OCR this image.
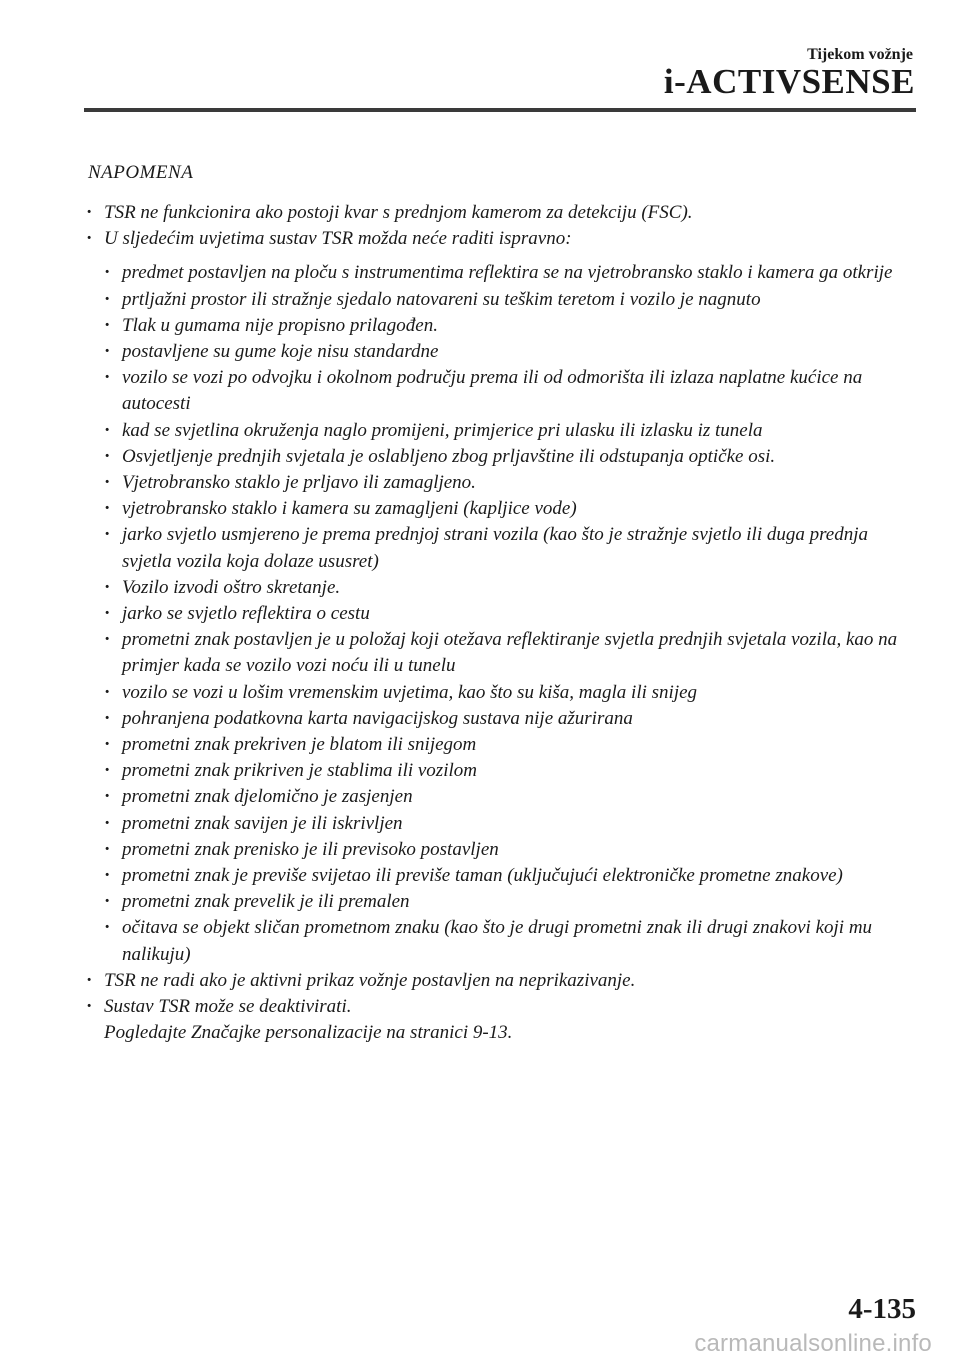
Tijekom vožnje
i-ACTIVSENSE
NAPOMENA
· TSR ne funkcionira ako postoji kvar s prednjom kamerom za detekciju (FSC).
· U sljedećim uvjetima sustav TSR možda neće raditi ispravno:
· predmet postavljen na ploču s instrumentima reflektira se na vjetrobransko staklo i kamera ga otkrije
· prtljažni prostor ili stražnje sjedalo natovareni su teškim teretom i vozilo je nagnuto
· Tlak u gumama nije propisno prilagođen.
· postavljene su gume koje nisu standardne
· vozilo se vozi po odvojku i okolnom području prema ili od odmorišta ili izlaza naplatne kućice na autocesti
· kad se svjetlina okruženja naglo promijeni, primjerice pri ulasku ili izlasku iz tunela
· Osvjetljenje prednjih svjetala je oslabljeno zbog prljavštine ili odstupanja optičke osi.
· Vjetrobransko staklo je prljavo ili zamagljeno.
· vjetrobransko staklo i kamera su zamagljeni (kapljice vode)
· jarko svjetlo usmjereno je prema prednjoj strani vozila (kao što je stražnje svjetlo ili duga prednja svjetla vozila koja dolaze ususret)
· Vozilo izvodi oštro skretanje.
· jarko se svjetlo reflektira o cestu
· prometni znak postavljen je u položaj koji otežava reflektiranje svjetla prednjih svjetala vozila, kao na primjer kada se vozilo vozi noću ili u tunelu
· vozilo se vozi u lošim vremenskim uvjetima, kao što su kiša, magla ili snijeg
· pohranjena podatkovna karta navigacijskog sustava nije ažurirana
· prometni znak prekriven je blatom ili snijegom
· prometni znak prikriven je stablima ili vozilom
· prometni znak djelomično je zasjenjen
· prometni znak savijen je ili iskrivljen
· prometni znak prenisko je ili previsoko postavljen
· prometni znak je previše svijetao ili previše taman (uključujući elektroničke prometne znakove)
· prometni znak prevelik je ili premalen
· očitava se objekt sličan prometnom znaku (kao što je drugi prometni znak ili drugi znakovi koji mu nalikuju)
· TSR ne radi ako je aktivni prikaz vožnje postavljen na neprikazivanje.
· Sustav TSR može se deaktivirati.
Pogledajte Značajke personalizacije na stranici 9-13.
4-135
carmanualsonline.info
